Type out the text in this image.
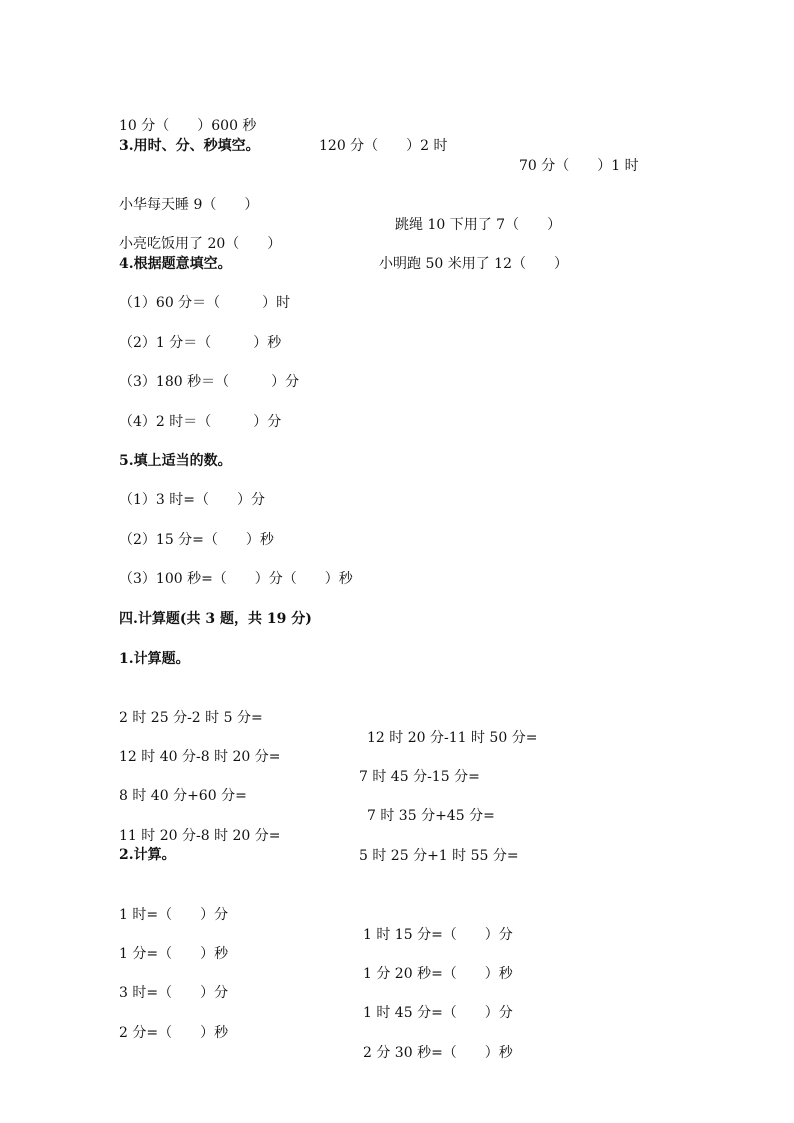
10 分（　　）600 秒

120 分（　　）2 时

70 分（　　）1 时

3.用时、分、秒填空。

小华每天睡 9（　　）

跳绳 10 下用了 7（　　）

小亮吃饭用了 20（　　）

小明跑 50 米用了 12（　　）

4.根据题意填空。
（1）60 分＝（　　　）时
（2）1 分＝（　　　）秒
（3）180 秒＝（　　　）分
（4）2 时＝（　　　）分
5.填上适当的数。
（1）3 时=（　　）分
（2）15 分=（　　）秒
（3）100 秒=（　　）分（　　）秒
四.计算题(共 3 题，共 19 分)
1.计算题。

2 时 25 分-2 时 5 分=

12 时 20 分-11 时 50 分=

12 时 40 分-8 时 20 分=

7 时 45 分-15 分=

8 时 40 分+60 分=

7 时 35 分+45 分=

11 时 20 分-8 时 20 分=

5 时 25 分+1 时 55 分=

2.计算。

1 时=（　　）分

1 时 15 分=（　　）分

1 分=（　　）秒

1 分 20 秒=（　　）秒

3 时=（　　）分

1 时 45 分=（　　）分

2 分=（　　）秒

2 分 30 秒=（　　）秒
